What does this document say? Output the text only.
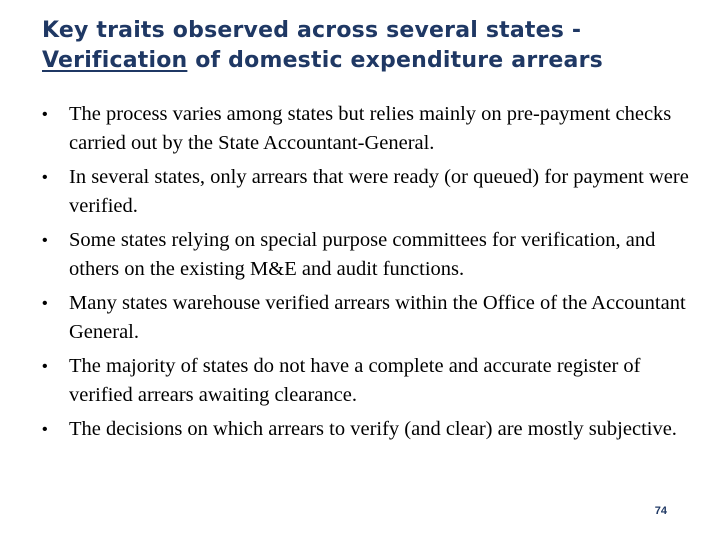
Key traits observed across several states -
Verification of domestic expenditure arrears
• The process varies among states but relies mainly on pre-payment checks carried out by the State Accountant-General.
• In several states, only arrears that were ready (or queued) for payment were verified.
• Some states relying on special purpose committees for verification, and others on the existing M&E and audit functions.
• Many states warehouse verified arrears within the Office of the Accountant General.
• The majority of states do not have a complete and accurate register of verified arrears awaiting clearance.
• The decisions on which arrears to verify (and clear) are mostly subjective.
74
